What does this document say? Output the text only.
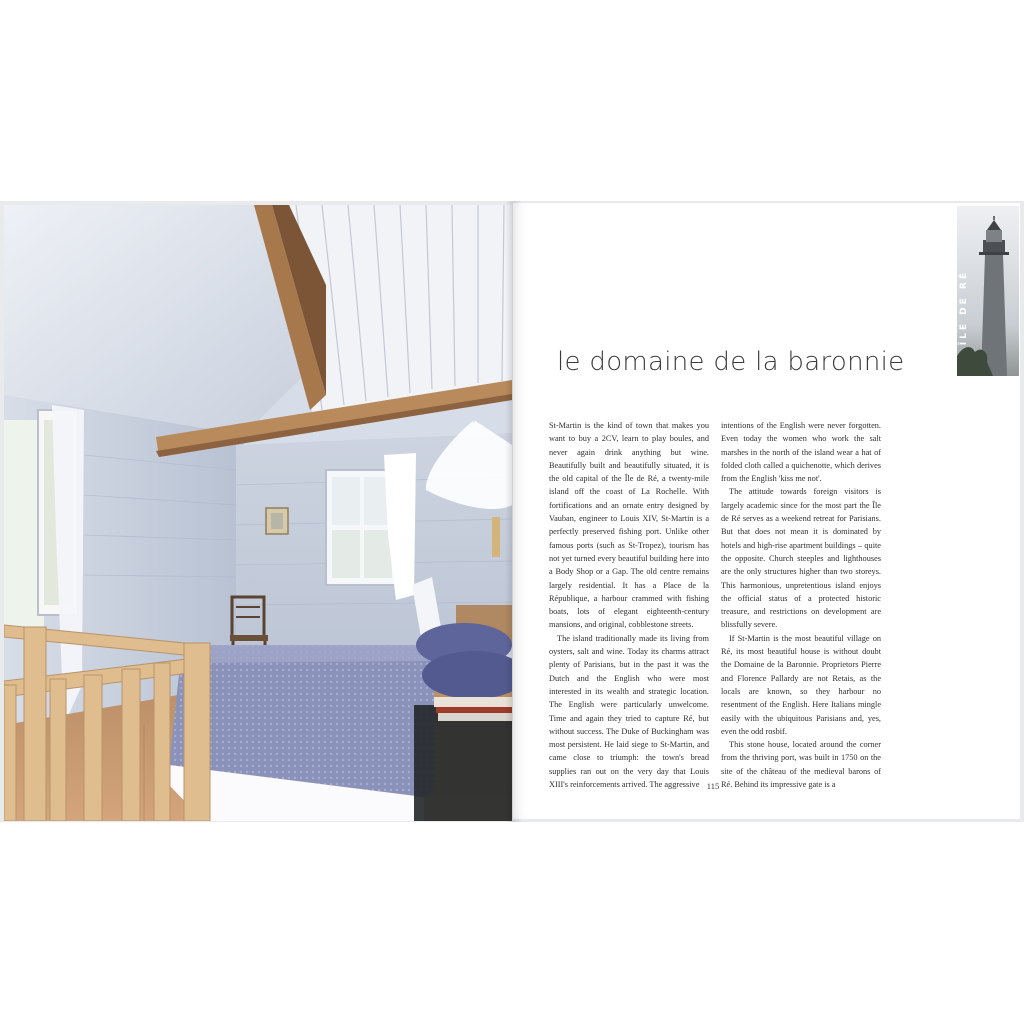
ÎLE DE RÉ
le domaine de la baronnie

St-Martin is the kind of town that makes you want to buy a 2CV, learn to play boules, and never again drink anything but wine. Beautifully built and beautifully situated, it is the old capital of the Île de Ré, a twenty-mile island off the coast of La Rochelle. With fortifications and an ornate entry designed by Vauban, engineer to Louis XIV, St-Martin is a perfectly preserved fishing port. Unlike other famous ports (such as St-Tropez), tourism has not yet turned every beautiful building here into a Body Shop or a Gap. The old centre remains largely residential. It has a Place de la République, a harbour crammed with fishing boats, lots of elegant eighteenth-century mansions, and original, cobblestone streets.

The island traditionally made its living from oysters, salt and wine. Today its charms attract plenty of Parisians, but in the past it was the Dutch and the English who were most interested in its wealth and strategic location. The English were particularly unwelcome. Time and again they tried to capture Ré, but without success. The Duke of Buckingham was most persistent. He laid siege to St-Martin, and came close to triumph: the town's bread supplies ran out on the very day that Louis XIII's reinforcements arrived. The aggressive

intentions of the English were never forgotten. Even today the women who work the salt marshes in the north of the island wear a hat of folded cloth called a quichenotte, which derives from the English 'kiss me not'.

The attitude towards foreign visitors is largely academic since for the most part the Île de Ré serves as a weekend retreat for Parisians. But that does not mean it is dominated by hotels and high-rise apartment buildings – quite the opposite. Church steeples and lighthouses are the only structures higher than two storeys. This harmonious, unpretentious island enjoys the official status of a protected historic treasure, and restrictions on development are blissfully severe.

If St-Martin is the most beautiful village on Ré, its most beautiful house is without doubt the Domaine de la Baronnie. Proprietors Pierre and Florence Pallardy are not Retais, as the locals are known, so they harbour no resentment of the English. Here Italians mingle easily with the ubiquitous Parisians and, yes, even the odd rosbif.

This stone house, located around the corner from the thriving port, was built in 1750 on the site of the château of the medieval barons of Ré. Behind its impressive gate is a

115
